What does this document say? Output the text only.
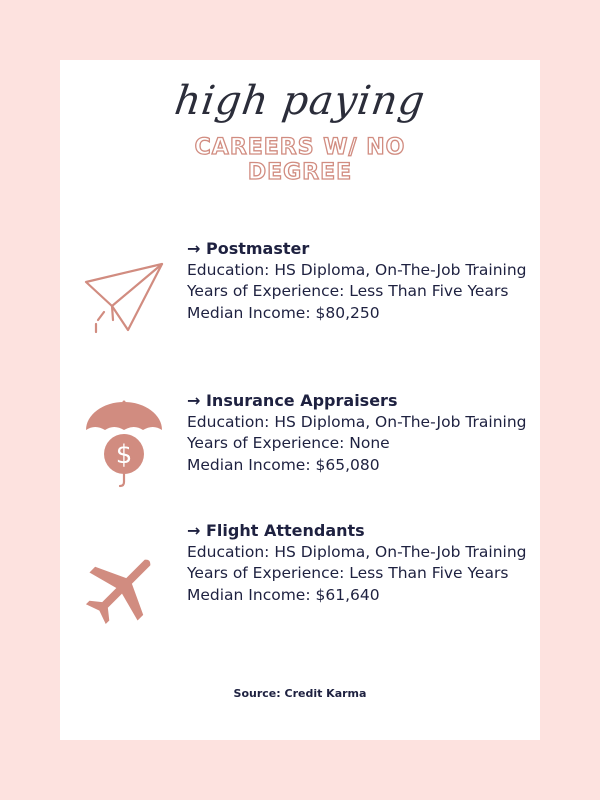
high paying
CAREERS W/ NO
DEGREE
→ Postmaster
Education: HS Diploma, On-The-Job Training
Years of Experience: Less Than Five Years
Median Income: $80,250
$
→ Insurance Appraisers
Education: HS Diploma, On-The-Job Training
Years of Experience: None
Median Income: $65,080
→ Flight Attendants
Education: HS Diploma, On-The-Job Training
Years of Experience: Less Than Five Years
Median Income: $61,640
Source: Credit Karma
